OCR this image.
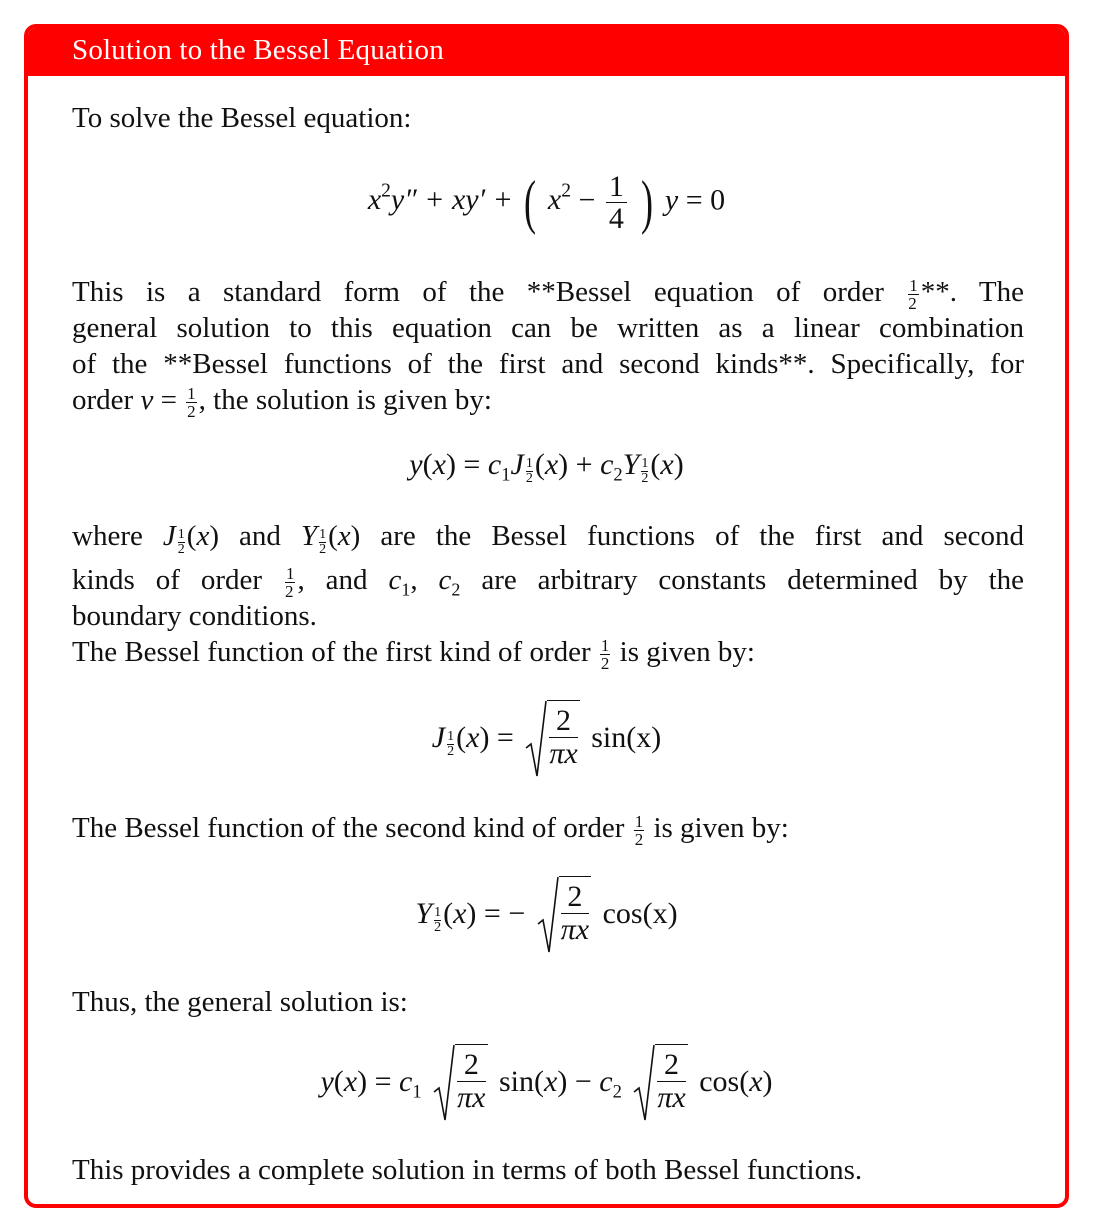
Solution to the Bessel Equation
To solve the Bessel equation:
$x^2y'' + xy'$ + ( $x^2 - \frac{1}{4}$ ) y = 0
This is a standard form of the **Bessel equation of order $\frac{1}{2}$ **. The
general solution to this equation can be written as a linear combination
of the **Bessel functions of the first and second kinds**. Specifically, for
order $\nu = \frac{1}{2}$ , the solution is given by:
$y(x) = c_1J \frac{1}{2} (x) + c_2Y \frac{1}{2} (x)$
where J $\frac{1}{2} (x)$ and Y $\frac{1}{2} (x)$ are the Bessel functions of the first and second
kinds of order $\frac{1}{2}$ , and $c_1$, $c_2$ are arbitrary constants determined by the
boundary conditions.
The Bessel function of the first kind of order $\frac{1}{2}$ is given by:
J $\frac{1}{2} (x) = \frac{2}{\pi x} \sin(x)$
The Bessel function of the second kind of order $\frac{1}{2}$ is given by:
Y $\frac{1}{2} (x)$ = − $\frac{2}{\pi x} \cos(x)$
Thus, the general solution is:
$y(x) = c_1 \frac{2}{\pi x} \sin(x) - c_2 \frac{2}{\pi x} \cos(x)$
This provides a complete solution in terms of both Bessel functions.
